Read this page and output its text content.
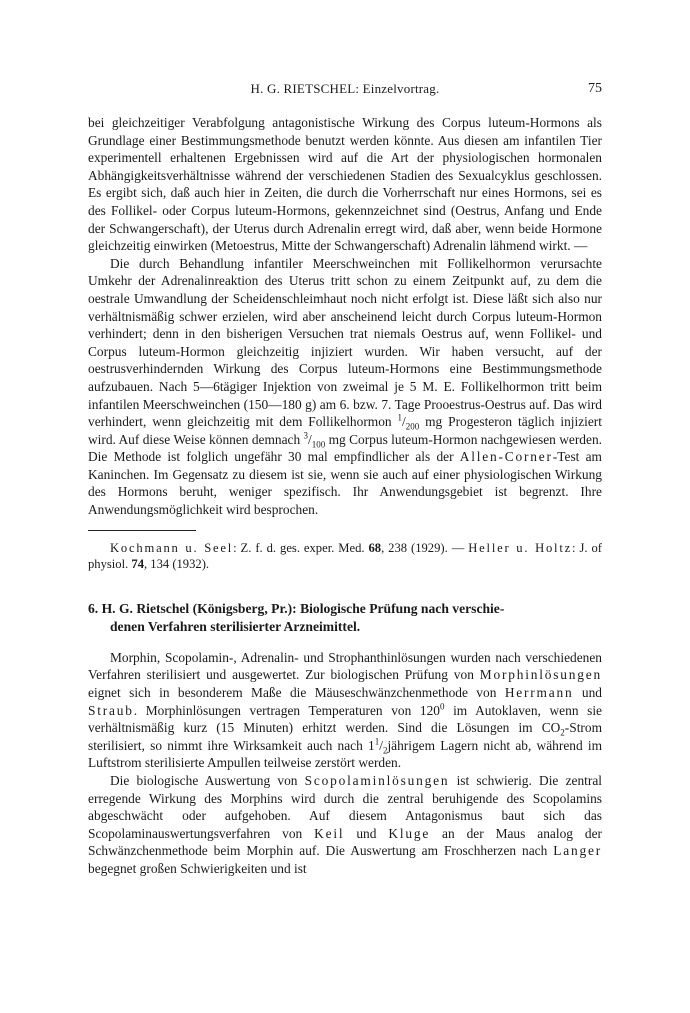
H. G. RIETSCHEL: Einzelvortrag.	75

bei gleichzeitiger Verabfolgung antagonistische Wirkung des Corpus luteum-Hormons als Grundlage einer Bestimmungsmethode benutzt werden könnte. Aus diesen am infantilen Tier experimentell erhaltenen Ergebnissen wird auf die Art der physiologischen hormonalen Abhängigkeitsverhältnisse während der verschiedenen Stadien des Sexualcyklus geschlossen. Es ergibt sich, daß auch hier in Zeiten, die durch die Vorherrschaft nur eines Hormons, sei es des Follikel- oder Corpus luteum-Hormons, gekennzeichnet sind (Oestrus, Anfang und Ende der Schwangerschaft), der Uterus durch Adrenalin erregt wird, daß aber, wenn beide Hormone gleichzeitig einwirken (Metoestrus, Mitte der Schwangerschaft) Adrenalin lähmend wirkt. —

Die durch Behandlung infantiler Meerschweinchen mit Follikelhormon verursachte Umkehr der Adrenalinreaktion des Uterus tritt schon zu einem Zeitpunkt auf, zu dem die oestrale Umwandlung der Scheidenschleimhaut noch nicht erfolgt ist. Diese läßt sich also nur verhältnismäßig schwer erzielen, wird aber anscheinend leicht durch Corpus luteum-Hormon verhindert; denn in den bisherigen Versuchen trat niemals Oestrus auf, wenn Follikel- und Corpus luteum-Hormon gleichzeitig injiziert wurden. Wir haben versucht, auf der oestrusverhindernden Wirkung des Corpus luteum-Hormons eine Bestimmungsmethode aufzubauen. Nach 5—6tägiger Injektion von zweimal je 5 M. E. Follikelhormon tritt beim infantilen Meerschweinchen (150—180 g) am 6. bzw. 7. Tage Prooestrus-Oestrus auf. Das wird verhindert, wenn gleichzeitig mit dem Follikelhormon $^1/_{200}$ mg Progesteron täglich injiziert wird. Auf diese Weise können demnach $^3/_{100}$ mg Corpus luteum-Hormon nachgewiesen werden. Die Methode ist folglich ungefähr 30 mal empfindlicher als der Allen-Corner-Test am Kaninchen. Im Gegensatz zu diesem ist sie, wenn sie auch auf einer physiologischen Wirkung des Hormons beruht, weniger spezifisch. Ihr Anwendungsgebiet ist begrenzt. Ihre Anwendungsmöglichkeit wird besprochen.

Kochmann u. Seel: Z. f. d. ges. exper. Med. 68, 238 (1929). — Heller u. Holtz: J. of physiol. 74, 134 (1932).

6. H. G. Rietschel (Königsberg, Pr.): Biologische Prüfung nach verschie-

denen Verfahren sterilisierter Arzneimittel.

Morphin, Scopolamin-, Adrenalin- und Strophanthinlösungen wurden nach verschiedenen Verfahren sterilisiert und ausgewertet. Zur biologischen Prüfung von Morphinlösungen eignet sich in besonderem Maße die Mäuseschwänzchenmethode von Herrmann und Straub. Morphinlösungen vertragen Temperaturen von $120^0$ im Autoklaven, wenn sie verhältnismäßig kurz (15 Minuten) erhitzt werden. Sind die Lösungen im $CO_2$-Strom sterilisiert, so nimmt ihre Wirksamkeit auch nach $1^1/_2jährigem$ Lagern nicht ab, während im Luftstrom sterilisierte Ampullen teilweise zerstört werden.

Die biologische Auswertung von Scopolaminlösungen ist schwierig. Die zentral erregende Wirkung des Morphins wird durch die zentral beruhigende des Scopolamins abgeschwächt oder aufgehoben. Auf diesem Antagonismus baut sich das Scopolaminauswertungsverfahren von Keil und Kluge an der Maus analog der Schwänzchenmethode beim Morphin auf. Die Auswertung am Froschherzen nach Langer begegnet großen Schwierigkeiten und ist
